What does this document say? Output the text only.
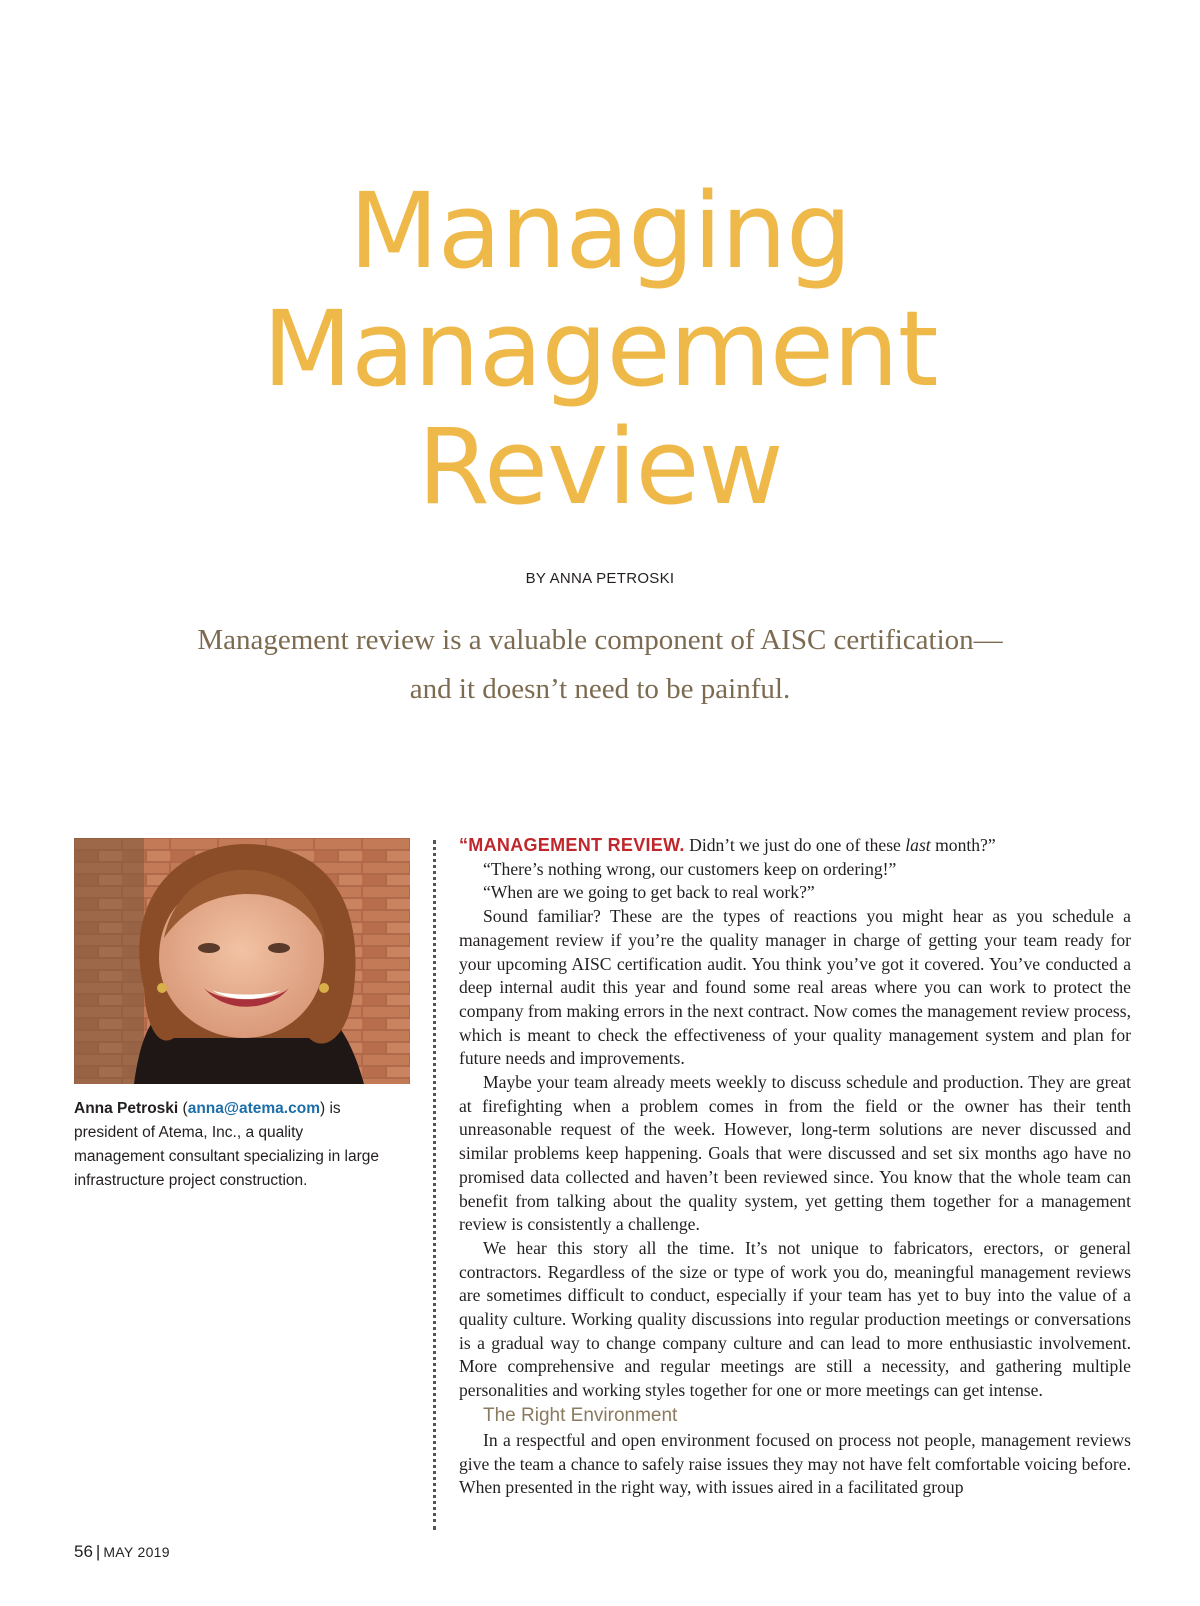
Managing
Management
Review
BY ANNA PETROSKI
Management review is a valuable component of AISC certification—
and it doesn’t need to be painful.
Anna Petroski (anna@atema.com) is president of Atema, Inc., a quality management consultant specializing in large infrastructure project construction.

“MANAGEMENT REVIEW. Didn’t we just do one of these last month?”

“There’s nothing wrong, our customers keep on ordering!”

“When are we going to get back to real work?”

Sound familiar? These are the types of reactions you might hear as you schedule a management review if you’re the quality manager in charge of getting your team ready for your upcoming AISC certification audit. You think you’ve got it covered. You’ve conducted a deep internal audit this year and found some real areas where you can work to protect the company from making errors in the next contract. Now comes the management review process, which is meant to check the effectiveness of your quality management system and plan for future needs and improvements.

Maybe your team already meets weekly to discuss schedule and production. They are great at firefighting when a problem comes in from the field or the owner has their tenth unreasonable request of the week. However, long-term solutions are never discussed and similar problems keep happening. Goals that were discussed and set six months ago have no promised data collected and haven’t been reviewed since. You know that the whole team can benefit from talking about the quality system, yet getting them together for a management review is consistently a challenge.

We hear this story all the time. It’s not unique to fabricators, erectors, or general contractors. Regardless of the size or type of work you do, meaningful management reviews are sometimes difficult to conduct, especially if your team has yet to buy into the value of a quality culture. Working quality discussions into regular production meetings or conversations is a gradual way to change company culture and can lead to more enthusiastic involvement. More comprehensive and regular meetings are still a necessity, and gathering multiple personalities and working styles together for one or more meetings can get intense.

The Right Environment

In a respectful and open environment focused on process not people, management reviews give the team a chance to safely raise issues they may not have felt comfortable voicing before. When presented in the right way, with issues aired in a facilitated group

56 | MAY 2019
